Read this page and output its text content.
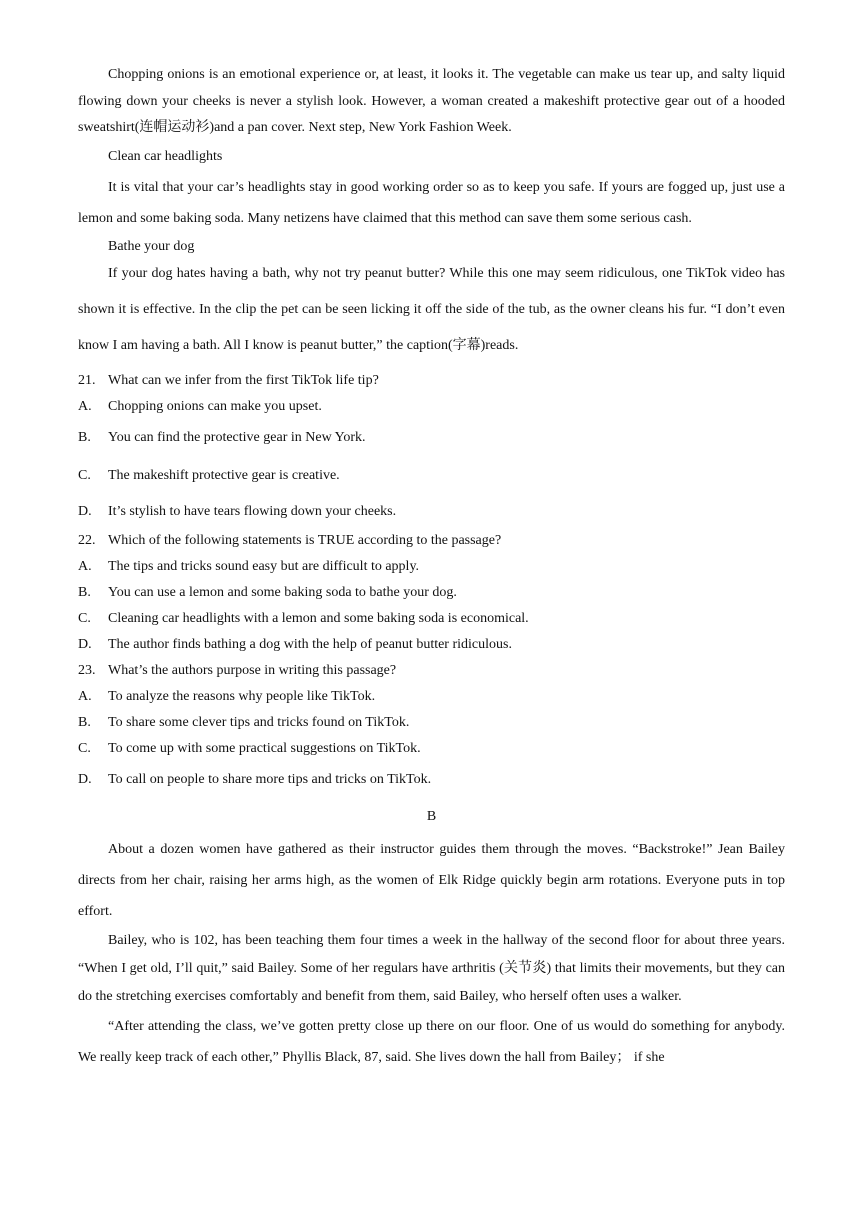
Chopping onions is an emotional experience or, at least, it looks it. The vegetable can make us tear up, and salty liquid flowing down your cheeks is never a stylish look. However, a woman created a makeshift protective gear out of a hooded sweatshirt(连帽运动衫)and a pan cover. Next step, New York Fashion Week.

Clean car headlights

It is vital that your car’s headlights stay in good working order so as to keep you safe. If yours are fogged up, just use a lemon and some baking soda. Many netizens have claimed that this method can save them some serious cash.

Bathe your dog

If your dog hates having a bath, why not try peanut butter? While this one may seem ridiculous, one TikTok video has shown it is effective. In the clip the pet can be seen licking it off the side of the tub, as the owner cleans his fur. “I don’t even know I am having a bath. All I know is peanut butter,” the caption(字幕)reads.

21. What can we infer from the first TikTok life tip?

A.	Chopping onions can make you upset.

B.	You can find the protective gear in New York.

C.	The makeshift protective gear is creative.

D.	It’s stylish to have tears flowing down your cheeks.

22. Which of the following statements is TRUE according to the passage?

A.	The tips and tricks sound easy but are difficult to apply.

B.	You can use a lemon and some baking soda to bathe your dog.

C.	Cleaning car headlights with a lemon and some baking soda is economical.

D.	The author finds bathing a dog with the help of peanut butter ridiculous.

23. What’s the authors purpose in writing this passage?

A.	To analyze the reasons why people like TikTok.

B.	To share some clever tips and tricks found on TikTok.

C.	To come up with some practical suggestions on TikTok.

D.	To call on people to share more tips and tricks on TikTok.

B

About a dozen women have gathered as their instructor guides them through the moves. “Backstroke!” Jean Bailey directs from her chair, raising her arms high, as the women of Elk Ridge quickly begin arm rotations. Everyone puts in top effort.

Bailey, who is 102, has been teaching them four times a week in the hallway of the second floor for about three years. “When I get old, I’ll quit,” said Bailey. Some of her regulars have arthritis (关节炎) that limits their movements, but they can do the stretching exercises comfortably and benefit from them, said Bailey, who herself often uses a walker.

“After attending the class, we’ve gotten pretty close up there on our floor. One of us would do something for anybody. We really keep track of each other,” Phyllis Black, 87, said. She lives down the hall from Bailey； if she
